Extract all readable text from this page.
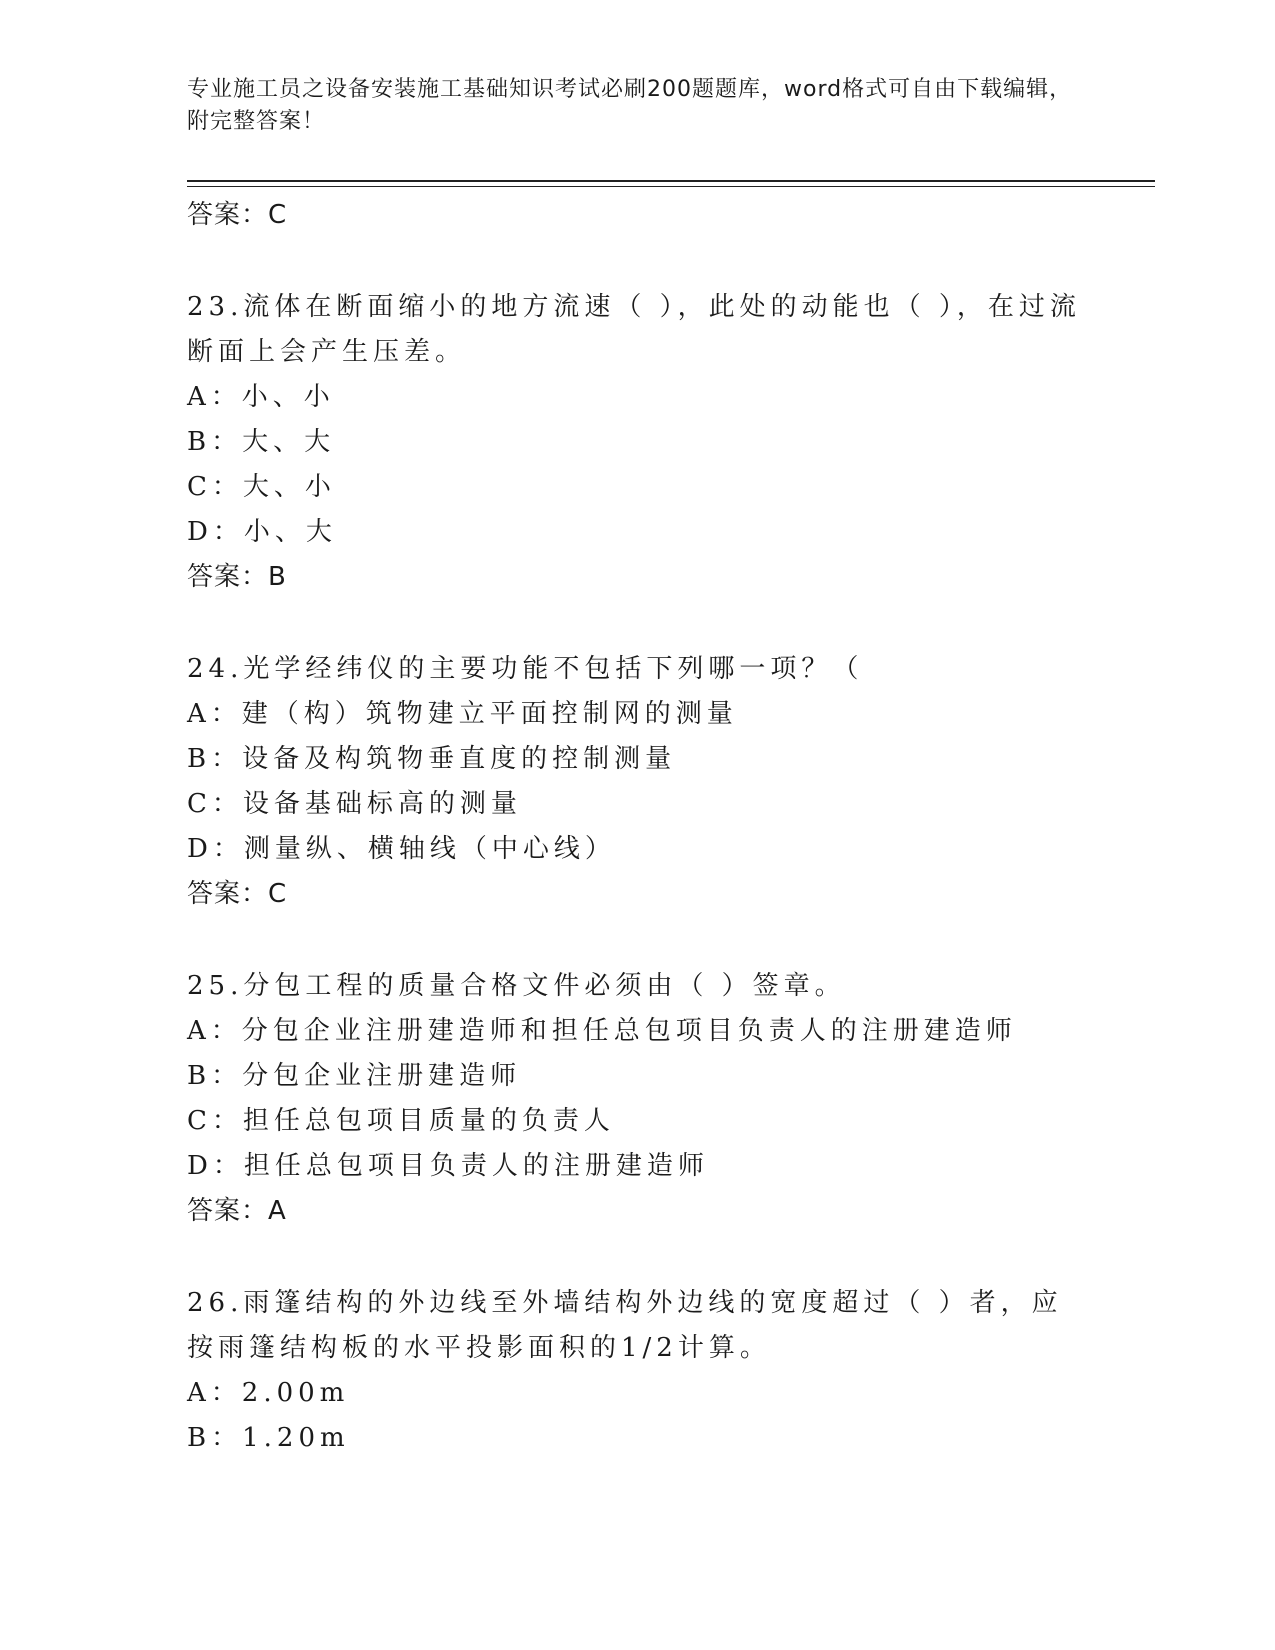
专业施工员之设备安装施工基础知识考试必刷200题题库，word格式可自由下载编辑，附完整答案！
答案：C
23.流体在断面缩小的地方流速（ ），此处的动能也（ ），在过流断面上会产生压差。
A：小、小
B：大、大
C：大、小
D：小、大
答案：B
24.光学经纬仪的主要功能不包括下列哪一项？（
A：建（构）筑物建立平面控制网的测量
B：设备及构筑物垂直度的控制测量
C：设备基础标高的测量
D：测量纵、横轴线（中心线）
答案：C
25.分包工程的质量合格文件必须由（ ）签章。
A：分包企业注册建造师和担任总包项目负责人的注册建造师
B：分包企业注册建造师
C：担任总包项目质量的负责人
D：担任总包项目负责人的注册建造师
答案：A
26.雨篷结构的外边线至外墙结构外边线的宽度超过（ ）者，应按雨篷结构板的水平投影面积的1/2计算。
A：2.00m
B：1.20m
